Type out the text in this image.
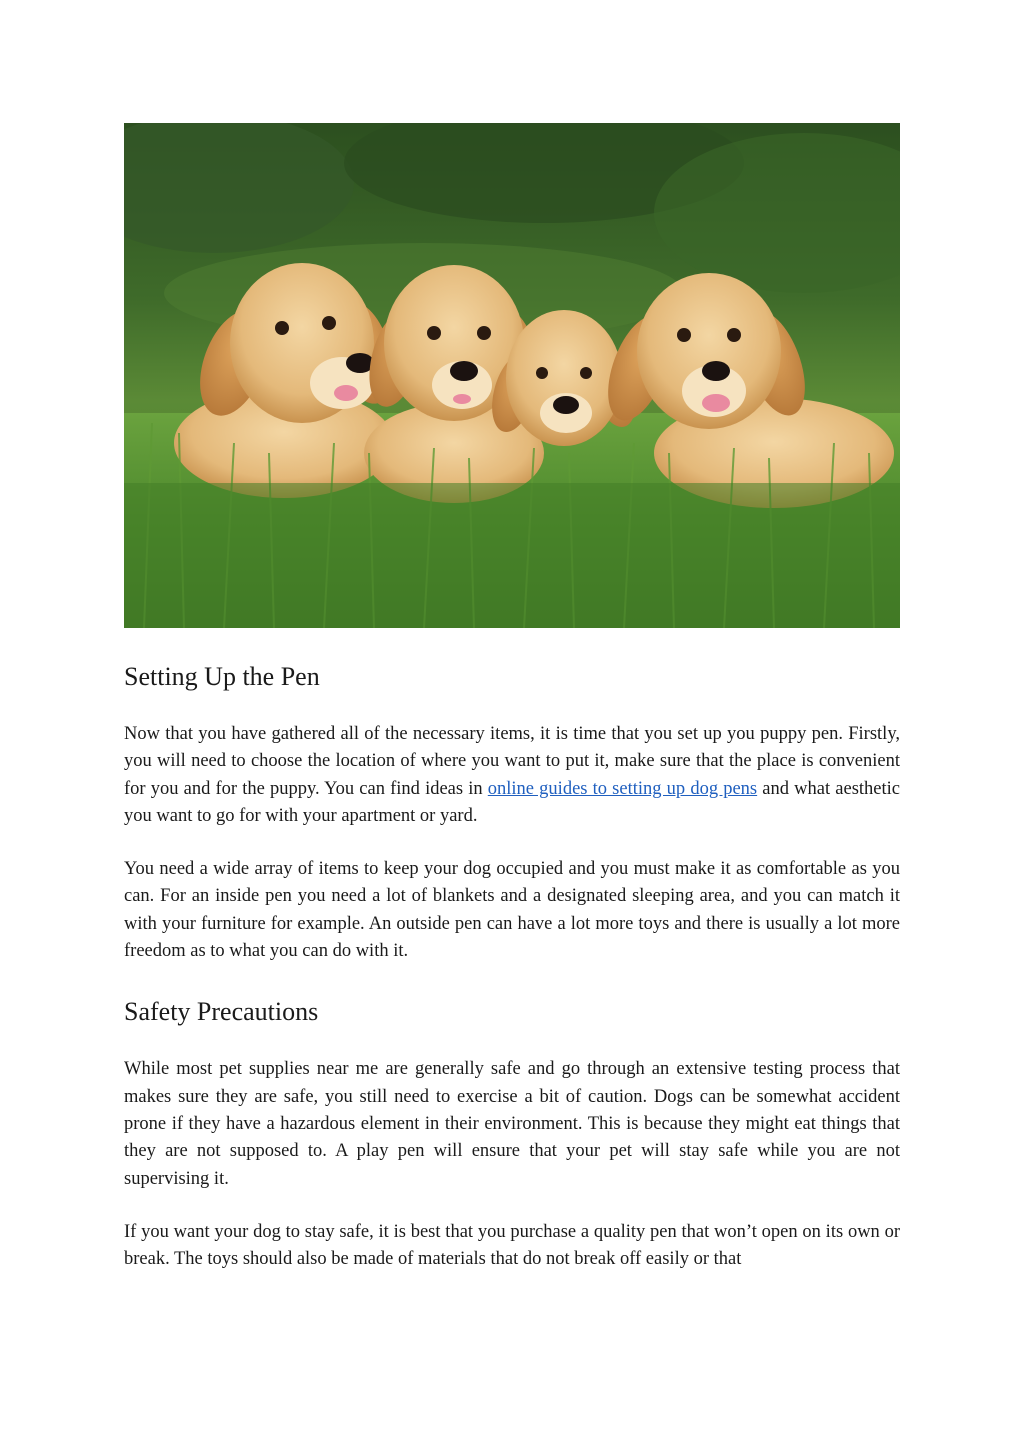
Setting Up the Pen

Now that you have gathered all of the necessary items, it is time that you set up you puppy pen. Firstly, you will need to choose the location of where you want to put it, make sure that the place is convenient for you and for the puppy. You can find ideas in online guides to setting up dog pens and what aesthetic you want to go for with your apartment or yard.

You need a wide array of items to keep your dog occupied and you must make it as comfortable as you can. For an inside pen you need a lot of blankets and a designated sleeping area, and you can match it with your furniture for example. An outside pen can have a lot more toys and there is usually a lot more freedom as to what you can do with it.

Safety Precautions

While most pet supplies near me are generally safe and go through an extensive testing process that makes sure they are safe, you still need to exercise a bit of caution. Dogs can be somewhat accident prone if they have a hazardous element in their environment. This is because they might eat things that they are not supposed to. A play pen will ensure that your pet will stay safe while you are not supervising it.

If you want your dog to stay safe, it is best that you purchase a quality pen that won’t open on its own or break. The toys should also be made of materials that do not break off easily or that
